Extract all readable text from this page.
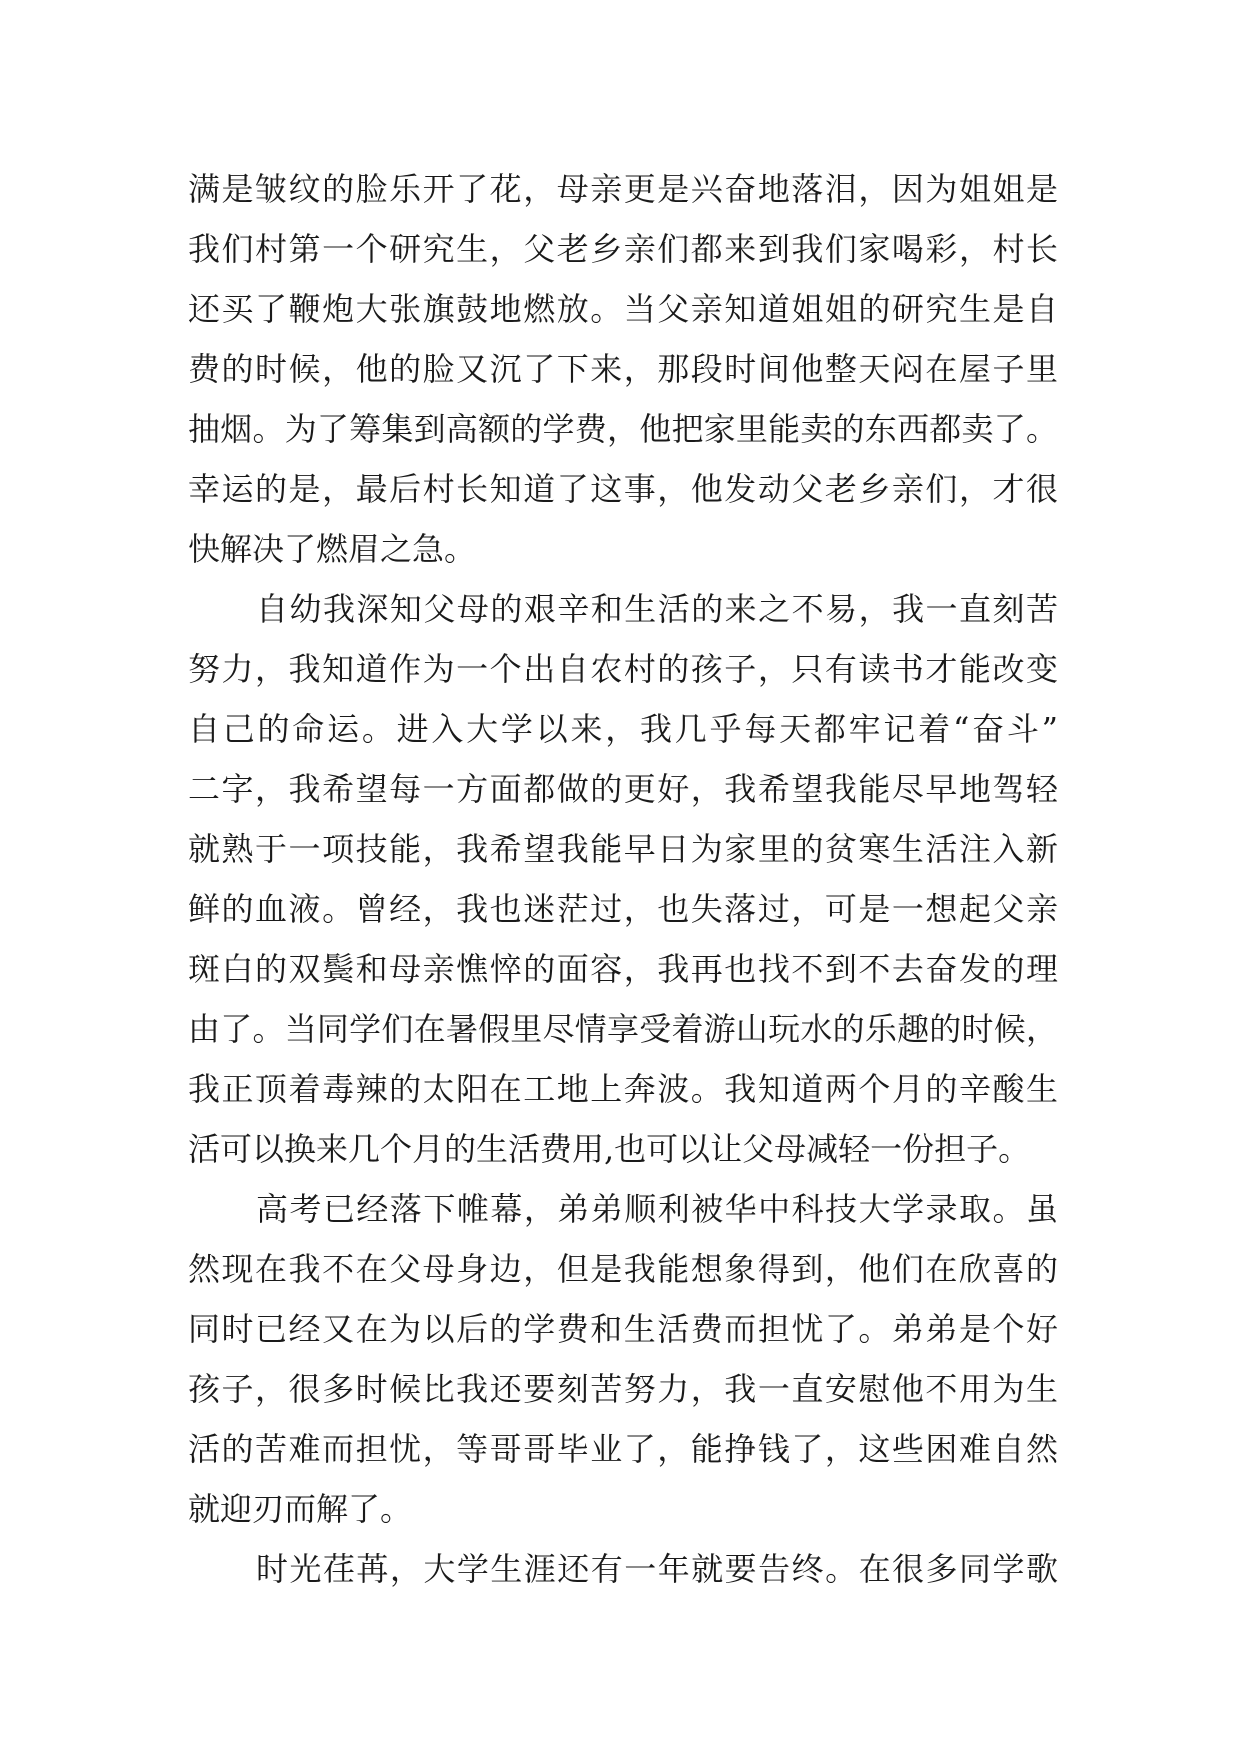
满是皱纹的脸乐开了花，母亲更是兴奋地落泪，因为姐姐是
我们村第一个研究生，父老乡亲们都来到我们家喝彩，村长
还买了鞭炮大张旗鼓地燃放。当父亲知道姐姐的研究生是自
费的时候，他的脸又沉了下来，那段时间他整天闷在屋子里
抽烟。为了筹集到高额的学费，他把家里能卖的东西都卖了。
幸运的是，最后村长知道了这事，他发动父老乡亲们，才很
快解决了燃眉之急。
自幼我深知父母的艰辛和生活的来之不易，我一直刻苦
努力，我知道作为一个出自农村的孩子，只有读书才能改变
自己的命运。进入大学以来，我几乎每天都牢记着“奋斗”
二字，我希望每一方面都做的更好，我希望我能尽早地驾轻
就熟于一项技能，我希望我能早日为家里的贫寒生活注入新
鲜的血液。曾经，我也迷茫过，也失落过，可是一想起父亲
斑白的双鬓和母亲憔悴的面容，我再也找不到不去奋发的理
由了。当同学们在暑假里尽情享受着游山玩水的乐趣的时候，
我正顶着毒辣的太阳在工地上奔波。我知道两个月的辛酸生
活可以换来几个月的生活费用,也可以让父母减轻一份担子。
高考已经落下帷幕，弟弟顺利被华中科技大学录取。虽
然现在我不在父母身边，但是我能想象得到，他们在欣喜的
同时已经又在为以后的学费和生活费而担忧了。弟弟是个好
孩子，很多时候比我还要刻苦努力，我一直安慰他不用为生
活的苦难而担忧，等哥哥毕业了，能挣钱了，这些困难自然
就迎刃而解了。
时光荏苒，大学生涯还有一年就要告终。在很多同学歌
